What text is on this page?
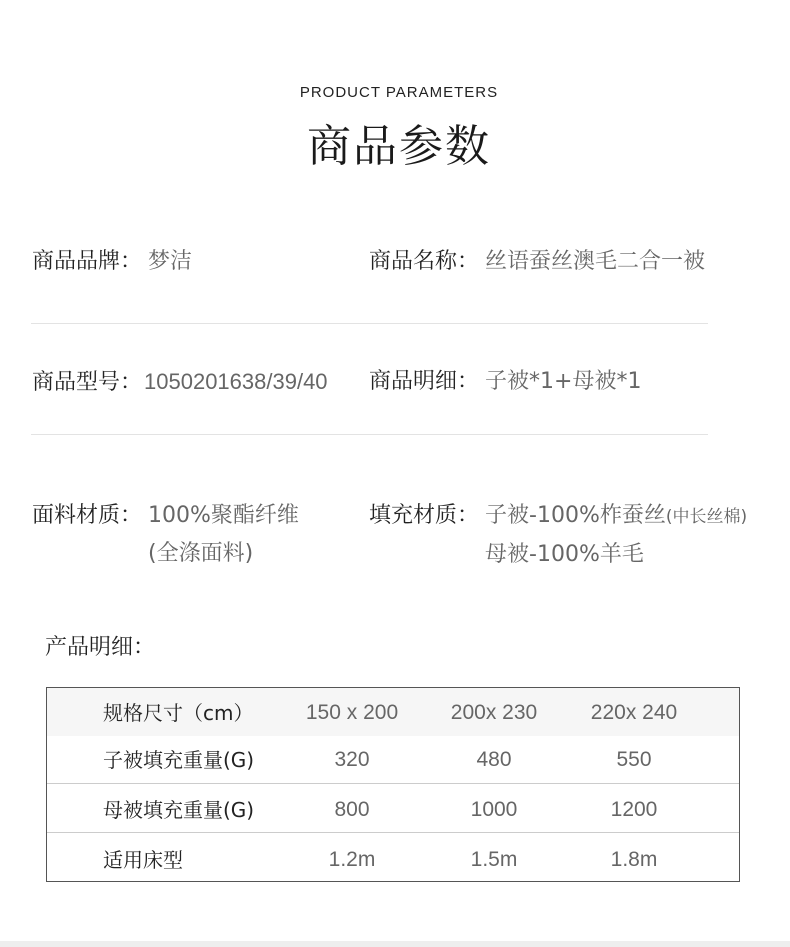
PRODUCT PARAMETERS
商品参数
商品品牌： 梦洁	商品名称： 丝语蚕丝澳毛二合一被
商品型号：1050201638/39/40 商品明细： 子被*1+母被*1
面料材质： 100%聚酯纤维
(全涤面料)
填充材质： 子被-100%柞蚕丝(中长丝棉)
母被-100%羊毛
产品明细：
规格尺寸（cm）	150 x 200	200x 230	220x 240
子被填充重量(G)	320	480	550
母被填充重量(G)	800	1000	1200
适用床型	1.2m	1.5m	1.8m
